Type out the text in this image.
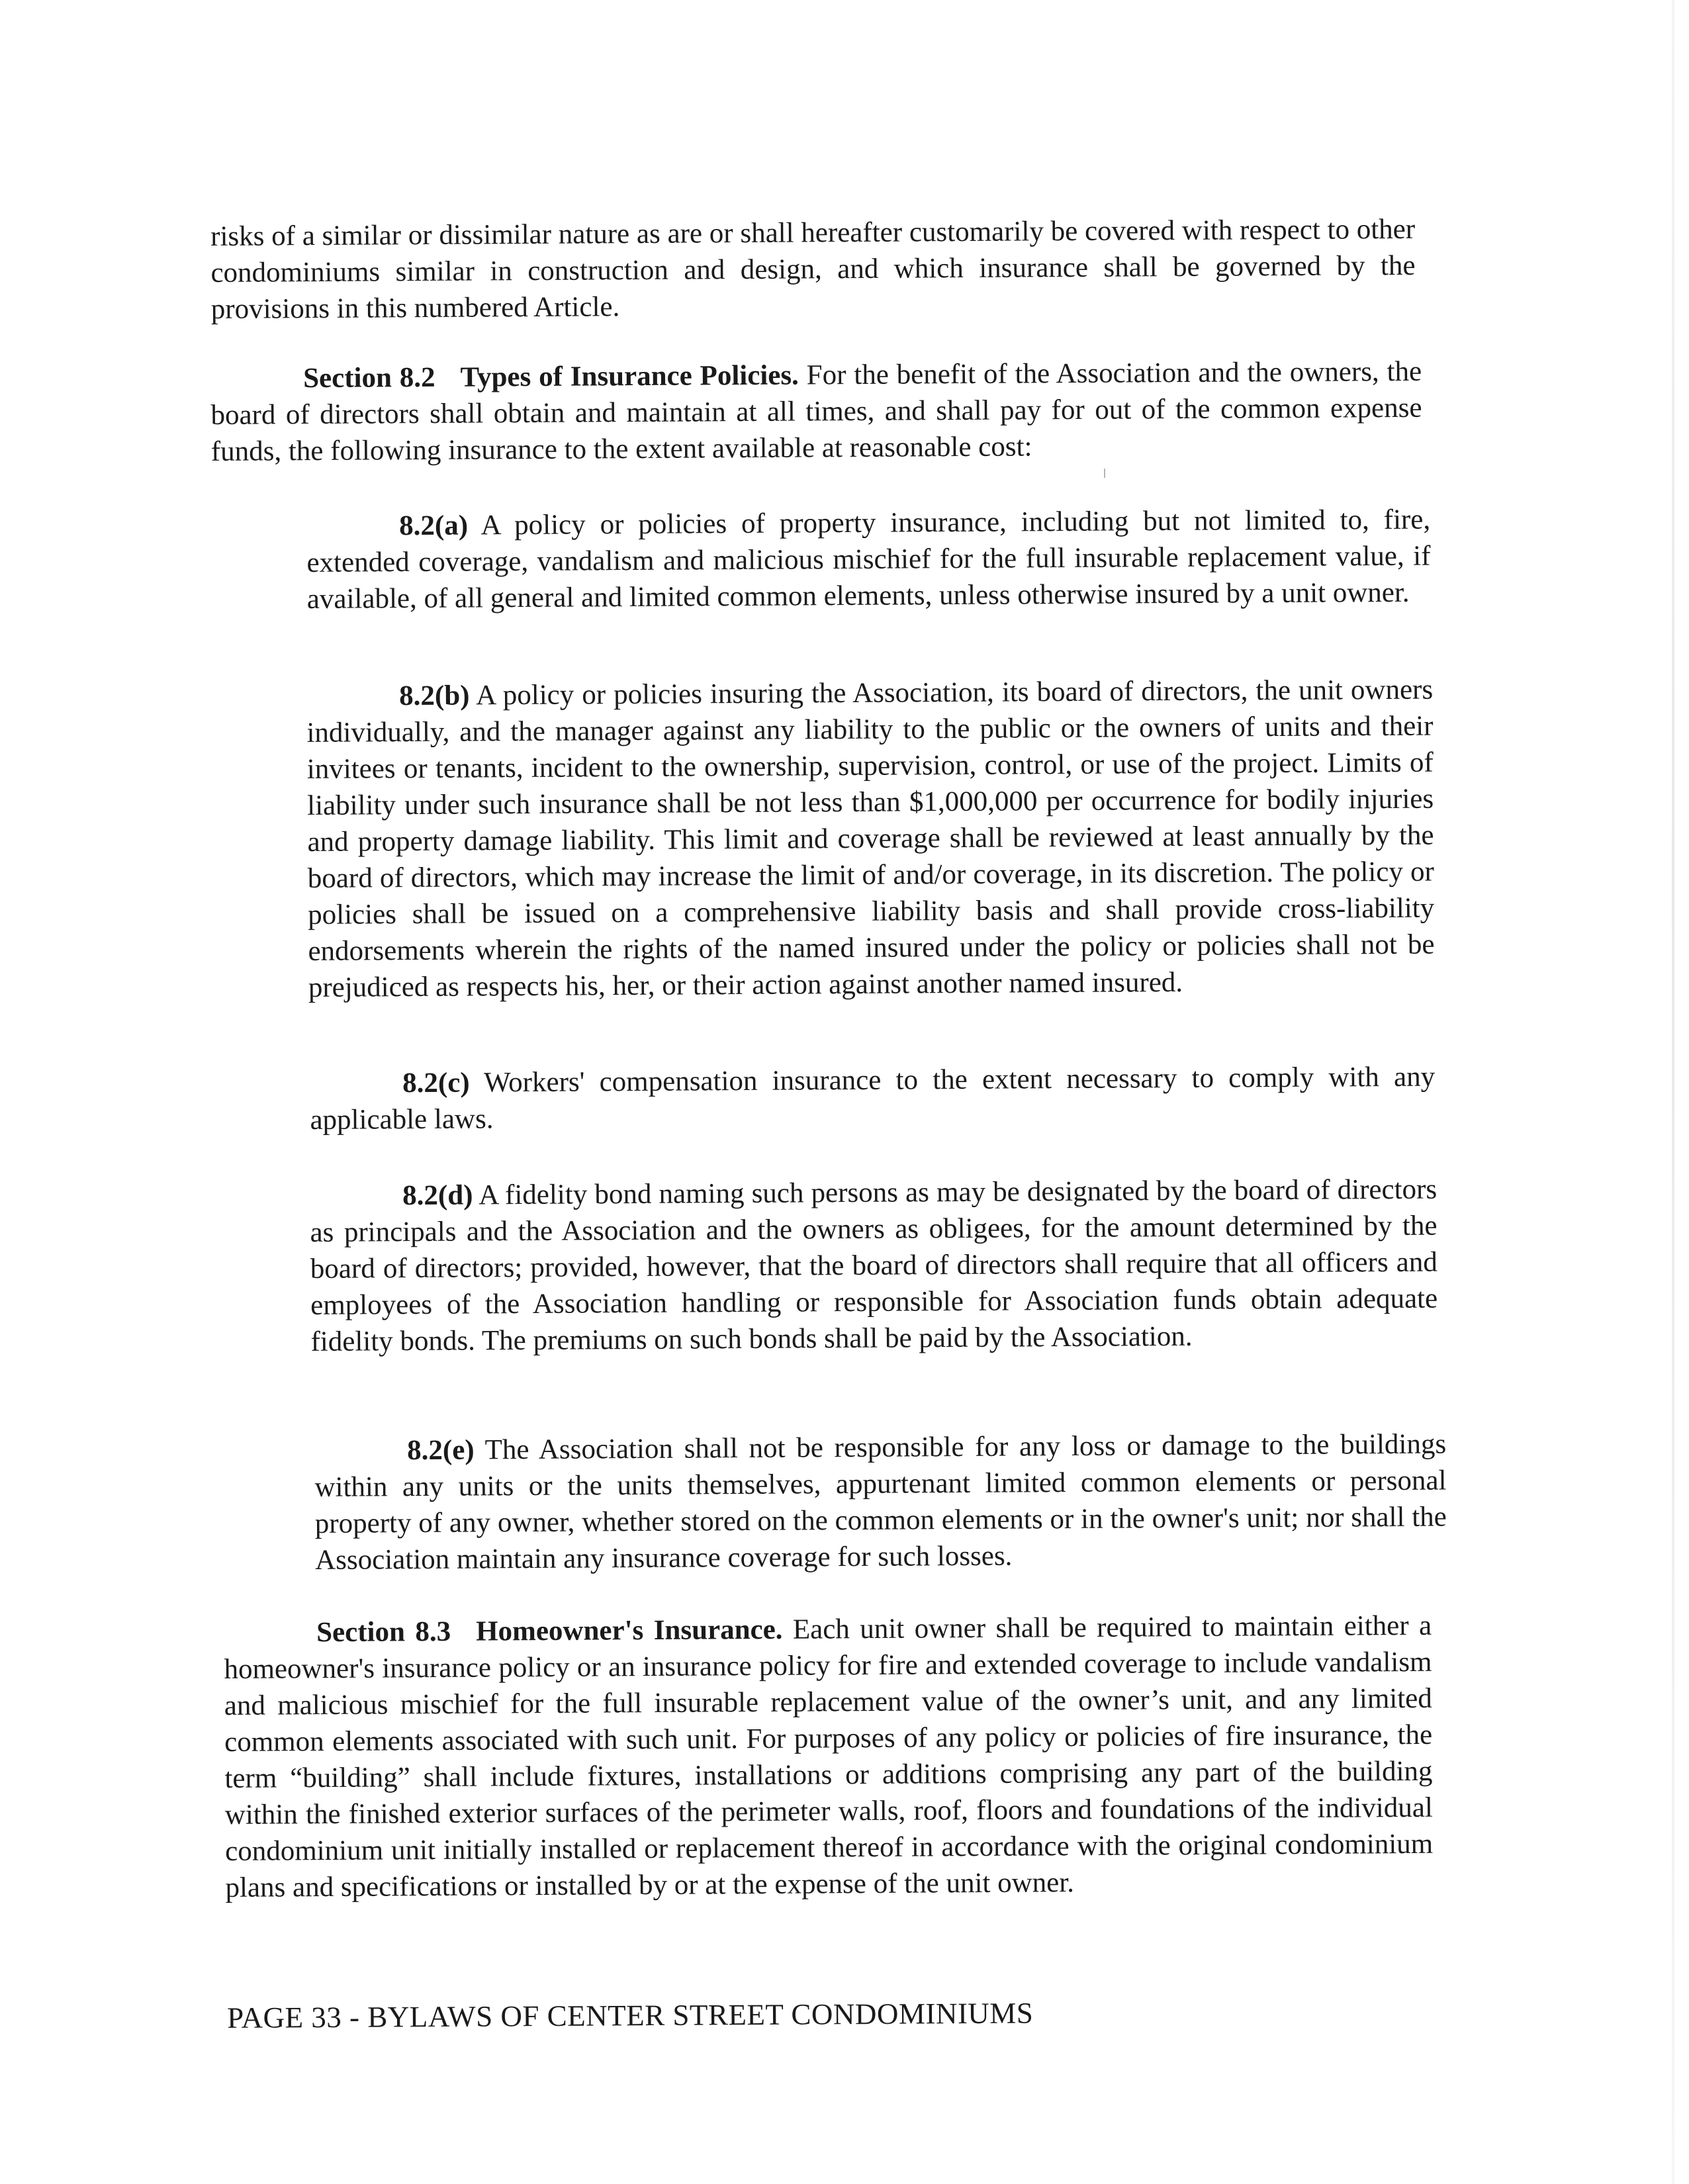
risks of a similar or dissimilar nature as are or shall hereafter customarily be covered with respect to other condominiums similar in construction and design, and which insurance shall be governed by the provisions in this numbered Article.

Section 8.2 Types of Insurance Policies. For the benefit of the Association and the owners, the board of directors shall obtain and maintain at all times, and shall pay for out of the common expense funds, the following insurance to the extent available at reasonable cost:

8.2(a) A policy or policies of property insurance, including but not limited to, fire, extended coverage, vandalism and malicious mischief for the full insurable replacement value, if available, of all general and limited common elements, unless otherwise insured by a unit owner.

8.2(b) A policy or policies insuring the Association, its board of directors, the unit owners individually, and the manager against any liability to the public or the owners of units and their invitees or tenants, incident to the ownership, supervision, control, or use of the project. Limits of liability under such insurance shall be not less than $1,000,000 per occurrence for bodily injuries and property damage liability. This limit and coverage shall be reviewed at least annually by the board of directors, which may increase the limit of and/or coverage, in its discretion. The policy or policies shall be issued on a comprehensive liability basis and shall provide cross-liability endorsements wherein the rights of the named insured under the policy or policies shall not be prejudiced as respects his, her, or their action against another named insured.

8.2(c) Workers' compensation insurance to the extent necessary to comply with any applicable laws.

8.2(d) A fidelity bond naming such persons as may be designated by the board of directors as principals and the Association and the owners as obligees, for the amount determined by the board of directors; provided, however, that the board of directors shall require that all officers and employees of the Association handling or responsible for Association funds obtain adequate fidelity bonds. The premiums on such bonds shall be paid by the Association.

8.2(e) The Association shall not be responsible for any loss or damage to the buildings within any units or the units themselves, appurtenant limited common elements or personal property of any owner, whether stored on the common elements or in the owner's unit; nor shall the Association maintain any insurance coverage for such losses.

Section 8.3 Homeowner's Insurance. Each unit owner shall be required to maintain either a homeowner's insurance policy or an insurance policy for fire and extended coverage to include vandalism and malicious mischief for the full insurable replacement value of the owner’s unit, and any limited common elements associated with such unit. For purposes of any policy or policies of fire insurance, the term “building” shall include fixtures, installations or additions comprising any part of the building within the finished exterior surfaces of the perimeter walls, roof, floors and foundations of the individual condominium unit initially installed or replacement thereof in accordance with the original condominium plans and specifications or installed by or at the expense of the unit owner.

PAGE 33 - BYLAWS OF CENTER STREET CONDOMINIUMS
